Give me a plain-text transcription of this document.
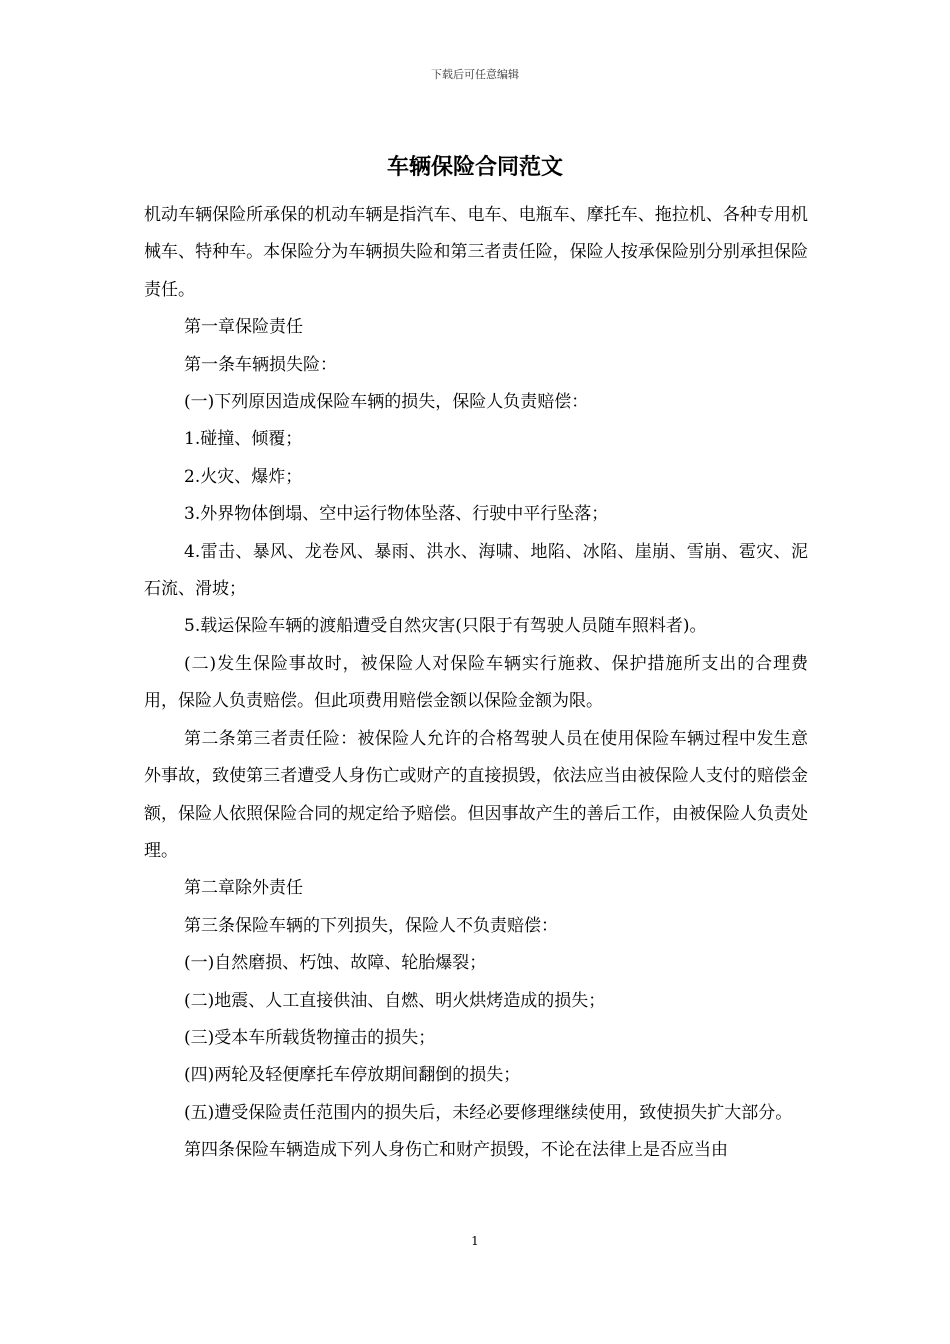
下载后可任意编辑
车辆保险合同范文

机动车辆保险所承保的机动车辆是指汽车、电车、电瓶车、摩托车、拖拉机、各种专用机械车、特种车。本保险分为车辆损失险和第三者责任险，保险人按承保险别分别承担保险责任。

第一章保险责任

第一条车辆损失险：

(一)下列原因造成保险车辆的损失，保险人负责赔偿：

1.碰撞、倾覆；

2.火灾、爆炸；

3.外界物体倒塌、空中运行物体坠落、行驶中平行坠落；

4.雷击、暴风、龙卷风、暴雨、洪水、海啸、地陷、冰陷、崖崩、雪崩、雹灾、泥石流、滑坡；

5.载运保险车辆的渡船遭受自然灾害(只限于有驾驶人员随车照料者)。

(二)发生保险事故时，被保险人对保险车辆实行施救、保护措施所支出的合理费用，保险人负责赔偿。但此项费用赔偿金额以保险金额为限。

第二条第三者责任险：被保险人允许的合格驾驶人员在使用保险车辆过程中发生意外事故，致使第三者遭受人身伤亡或财产的直接损毁，依法应当由被保险人支付的赔偿金额，保险人依照保险合同的规定给予赔偿。但因事故产生的善后工作，由被保险人负责处理。

第二章除外责任

第三条保险车辆的下列损失，保险人不负责赔偿：

(一)自然磨损、朽蚀、故障、轮胎爆裂；

(二)地震、人工直接供油、自燃、明火烘烤造成的损失；

(三)受本车所载货物撞击的损失；

(四)两轮及轻便摩托车停放期间翻倒的损失；

(五)遭受保险责任范围内的损失后，未经必要修理继续使用，致使损失扩大部分。

第四条保险车辆造成下列人身伤亡和财产损毁，不论在法律上是否应当由

1
